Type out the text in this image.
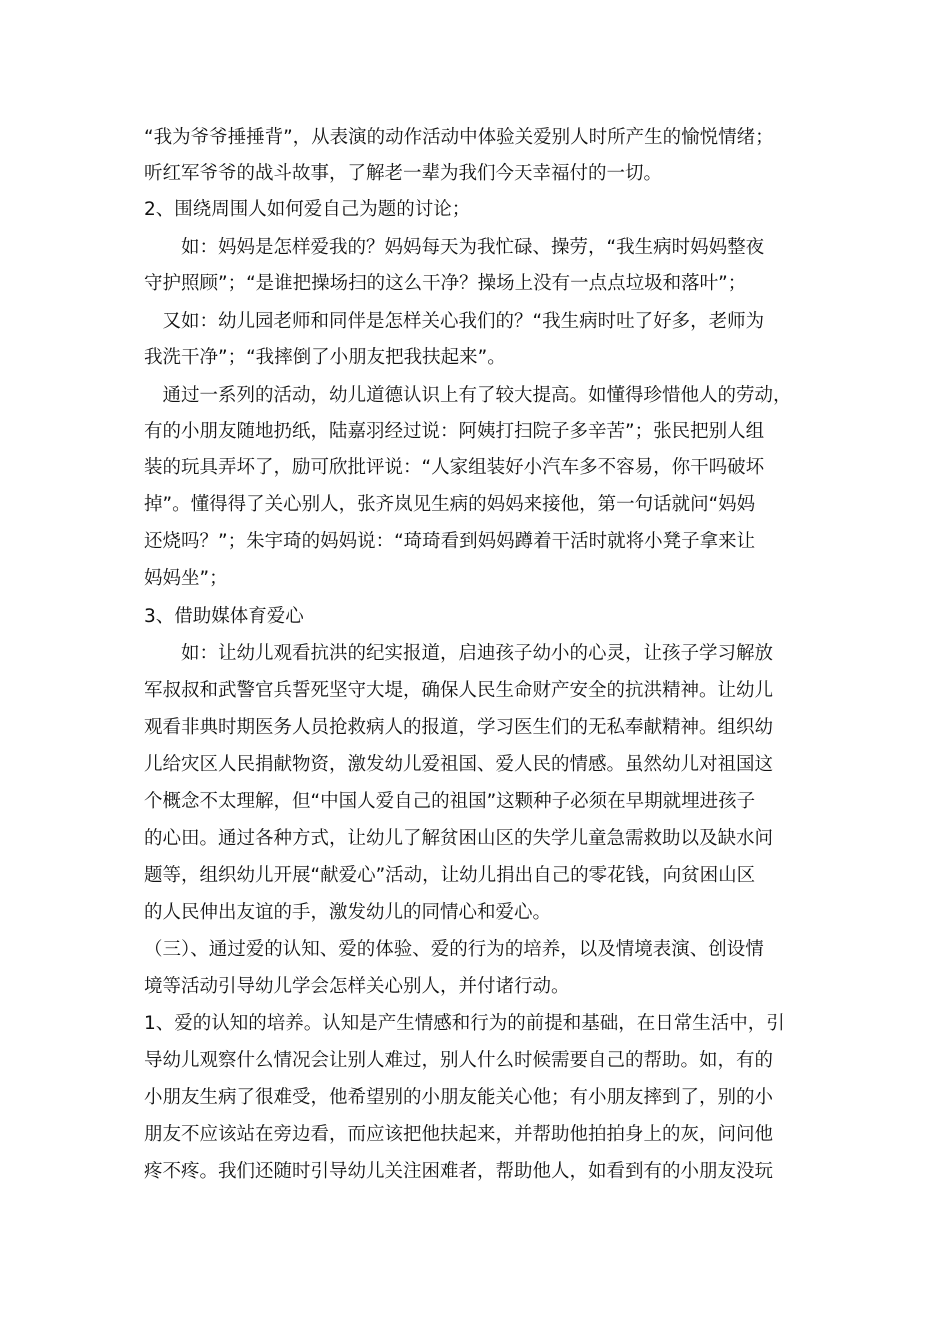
“我为爷爷捶捶背”，从表演的动作活动中体验关爱别人时所产生的愉悦情绪；
听红军爷爷的战斗故事，了解老一辈为我们今天幸福付的一切。
2、围绕周围人如何爱自己为题的讨论；
　　如：妈妈是怎样爱我的？妈妈每天为我忙碌、操劳，“我生病时妈妈整夜
守护照顾”；“是谁把操场扫的这么干净？操场上没有一点点垃圾和落叶”；
　又如：幼儿园老师和同伴是怎样关心我们的？“我生病时吐了好多，老师为
我洗干净”；“我摔倒了小朋友把我扶起来”。
　通过一系列的活动，幼儿道德认识上有了较大提高。如懂得珍惜他人的劳动，
有的小朋友随地扔纸，陆嘉羽经过说：阿姨打扫院子多辛苦”；张民把别人组
装的玩具弄坏了，励可欣批评说：“人家组装好小汽车多不容易，你干吗破坏
掉”。懂得得了关心别人，张齐岚见生病的妈妈来接他，第一句话就问“妈妈
还烧吗？”；朱宇琦的妈妈说：“琦琦看到妈妈蹲着干活时就将小凳子拿来让
妈妈坐”；
3、借助媒体育爱心
　　如：让幼儿观看抗洪的纪实报道，启迪孩子幼小的心灵，让孩子学习解放
军叔叔和武警官兵誓死坚守大堤，确保人民生命财产安全的抗洪精神。让幼儿
观看非典时期医务人员抢救病人的报道，学习医生们的无私奉献精神。组织幼
儿给灾区人民捐献物资，激发幼儿爱祖国、爱人民的情感。虽然幼儿对祖国这
个概念不太理解，但“中国人爱自己的祖国”这颗种子必须在早期就埋进孩子
的心田。通过各种方式，让幼儿了解贫困山区的失学儿童急需救助以及缺水问
题等，组织幼儿开展“献爱心”活动，让幼儿捐出自己的零花钱，向贫困山区
的人民伸出友谊的手，激发幼儿的同情心和爱心。
（三）、通过爱的认知、爱的体验、爱的行为的培养，以及情境表演、创设情
境等活动引导幼儿学会怎样关心别人，并付诸行动。
1、爱的认知的培养。认知是产生情感和行为的前提和基础，在日常生活中，引
导幼儿观察什么情况会让别人难过，别人什么时候需要自己的帮助。如，有的
小朋友生病了很难受，他希望别的小朋友能关心他；有小朋友摔到了，别的小
朋友不应该站在旁边看，而应该把他扶起来，并帮助他拍拍身上的灰，问问他
疼不疼。我们还随时引导幼儿关注困难者，帮助他人，如看到有的小朋友没玩
